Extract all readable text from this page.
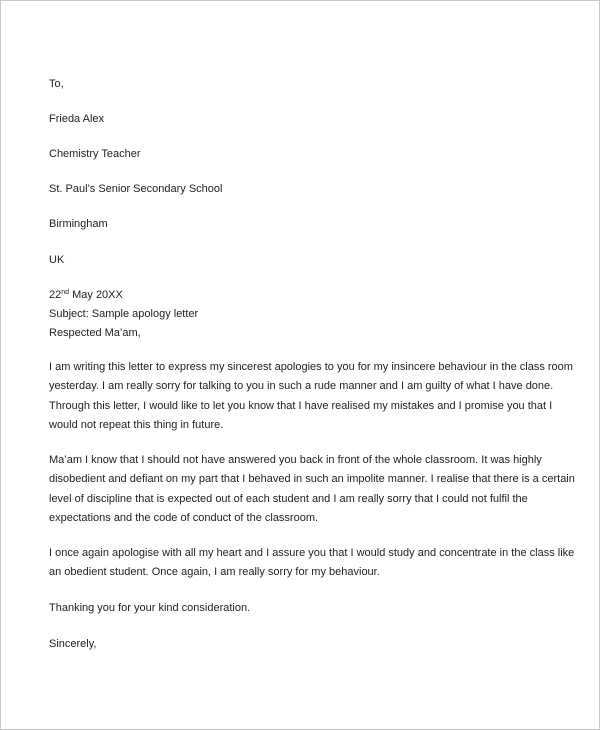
To,
Frieda Alex
Chemistry Teacher
St. Paul’s Senior Secondary School
Birmingham
UK
22nd May 20XX
Subject: Sample apology letter
Respected Ma’am,
I am writing this letter to express my sincerest apologies to you for my insincere behaviour in the class room
yesterday. I am really sorry for talking to you in such a rude manner and I am guilty of what I have done.
Through this letter, I would like to let you know that I have realised my mistakes and I promise you that I
would not repeat this thing in future.
Ma’am I know that I should not have answered you back in front of the whole classroom. It was highly
disobedient and defiant on my part that I behaved in such an impolite manner. I realise that there is a certain
level of discipline that is expected out of each student and I am really sorry that I could not fulfil the
expectations and the code of conduct of the classroom.
I once again apologise with all my heart and I assure you that I would study and concentrate in the class like
an obedient student. Once again, I am really sorry for my behaviour.
Thanking you for your kind consideration.
Sincerely,
